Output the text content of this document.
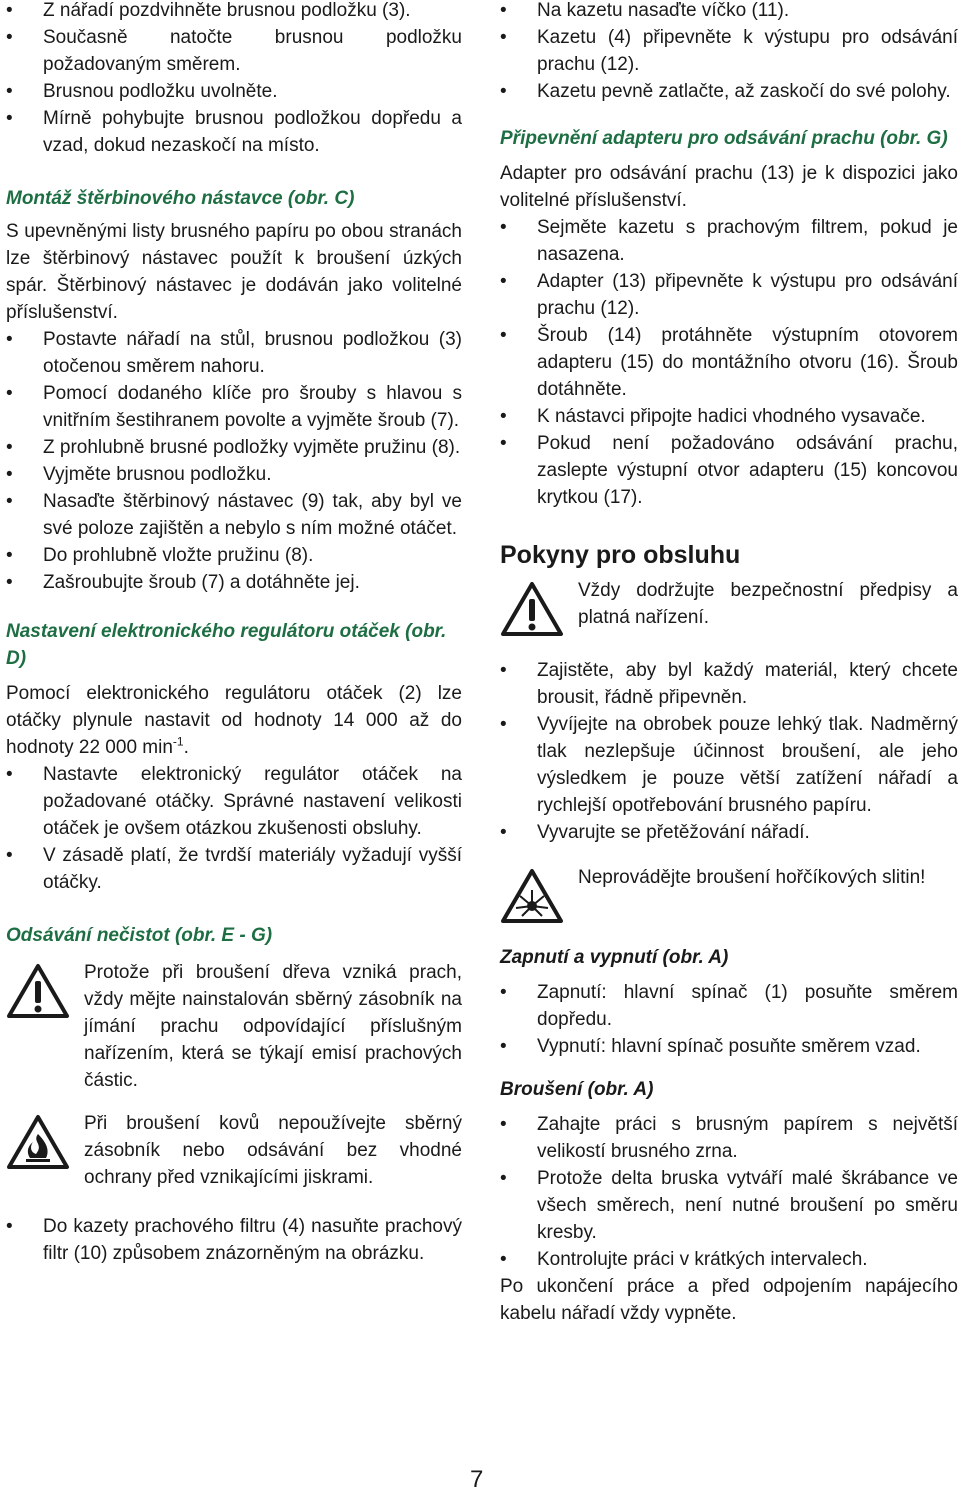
• Z nářadí pozdvihněte brusnou podložku (3).
• Současně natočte brusnou podložku požadovaným směrem.
• Brusnou podložku uvolněte.
• Mírně pohybujte brusnou podložkou dopředu a vzad, dokud nezaskočí na místo.
Montáž štěrbinového nástavce (obr. C)

S upevněnými listy brusného papíru po obou stranách lze štěrbinový nástavec použít k broušení úzkých spár. Štěrbinový nástavec je dodáván jako volitelné příslušenství.

• Postavte nářadí na stůl, brusnou podložkou (3) otočenou směrem nahoru.
• Pomocí dodaného klíče pro šrouby s hlavou s vnitřním šestihranem povolte a vyjměte šroub (7).
• Z prohlubně brusné podložky vyjměte pružinu (8).
• Vyjměte brusnou podložku.
• Nasaďte štěrbinový nástavec (9) tak, aby byl ve své poloze zajištěn a nebylo s ním možné otáčet.
• Do prohlubně vložte pružinu (8).
• Zašroubujte šroub (7) a dotáhněte jej.
Nastavení elektronického regulátoru otáček (obr. D)

Pomocí elektronického regulátoru otáček (2) lze otáčky plynule nastavit od hodnoty 14 000 až do hodnoty 22 000 $\min^{-1}$.

• Nastavte elektronický regulátor otáček na požadované otáčky. Správné nastavení velikosti otáček je ovšem otázkou zkušenosti obsluhy.
• V zásadě platí, že tvrdší materiály vyžadují vyšší otáčky.
Odsávání nečistot (obr. E - G)
Protože při broušení dřeva vzniká prach, vždy mějte nainstalován sběrný zásobník na jímání prachu odpovídající příslušným nařízením, která se týkají emisí prachových částic.
Při broušení kovů nepoužívejte sběrný zásobník nebo odsávání bez vhodné ochrany před vznikajícími jiskrami.
• Do kazety prachového filtru (4) nasuňte prachový filtr (10) způsobem znázorněným na obrázku.
• Na kazetu nasaďte víčko (11).
• Kazetu (4) připevněte k výstupu pro odsávání prachu (12).
• Kazetu pevně zatlačte, až zaskočí do své polohy.
Připevnění adapteru pro odsávání prachu (obr. G)

Adapter pro odsávání prachu (13) je k dispozici jako volitelné příslušenství.

• Sejměte kazetu s prachovým filtrem, pokud je nasazena.
• Adapter (13) připevněte k výstupu pro odsávání prachu (12).
• Šroub (14) protáhněte výstupním otovorem adapteru (15) do montážního otvoru (16). Šroub dotáhněte.
• K nástavci připojte hadici vhodného vysavače.
• Pokud není požadováno odsávání prachu, zaslepte výstupní otvor adapteru (15) koncovou krytkou (17).
Pokyny pro obsluhu
Vždy dodržujte bezpečnostní předpisy a platná nařízení.
• Zajistěte, aby byl každý materiál, který chcete brousit, řádně připevněn.
• Vyvíjejte na obrobek pouze lehký tlak. Nadměrný tlak nezlepšuje účinnost broušení, ale jeho výsledkem je pouze větší zatížení nářadí a rychlejší opotřebování brusného papíru.
• Vyvarujte se přetěžování nářadí.
Neprovádějte broušení hořčíkových slitin!
Zapnutí a vypnutí (obr. A)
• Zapnutí: hlavní spínač (1) posuňte směrem dopředu.
• Vypnutí: hlavní spínač posuňte směrem vzad.
Broušení (obr. A)
• Zahajte práci s brusným papírem s největší velikostí brusného zrna.
• Protože delta bruska vytváří malé škrábance ve všech směrech, není nutné broušení po směru kresby.
• Kontrolujte práci v krátkých intervalech.

Po ukončení práce a před odpojením napájecího kabelu nářadí vždy vypněte.

7
